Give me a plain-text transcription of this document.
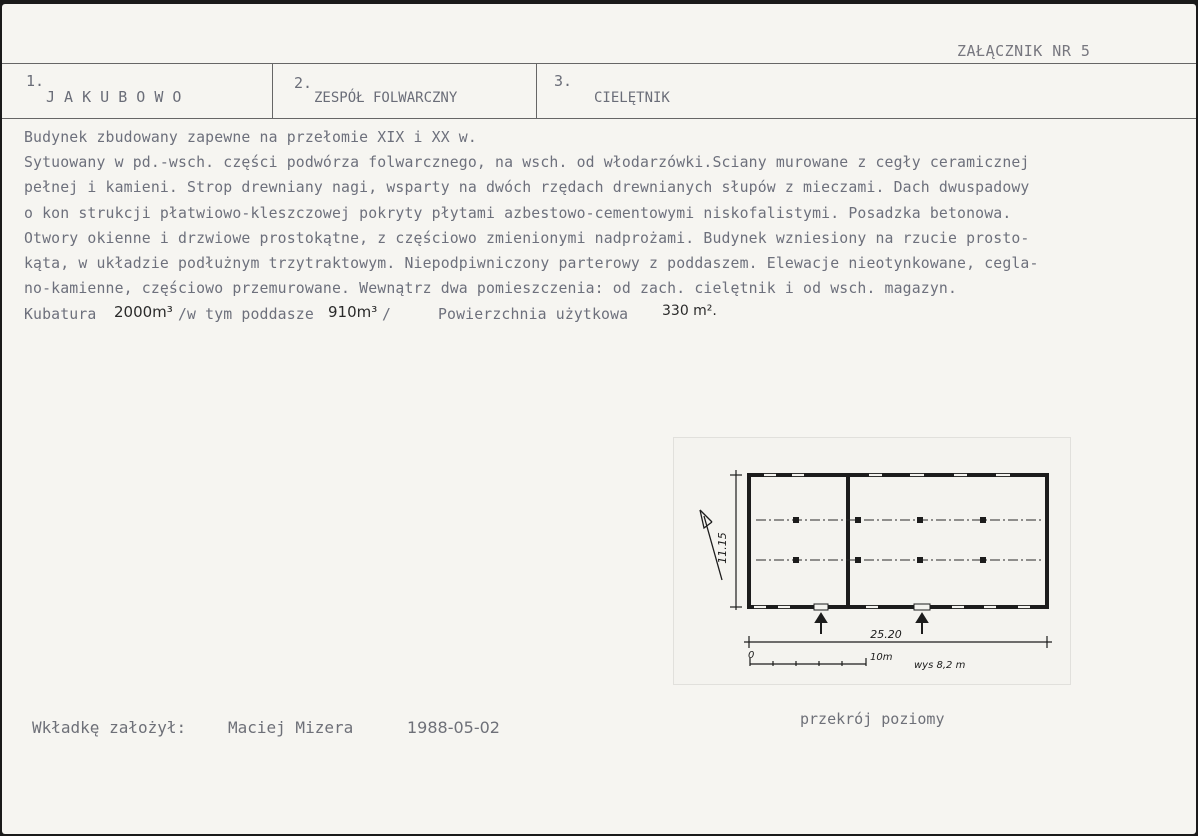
ZAŁĄCZNIK NR 5
1.
J A K U B O W O
2.
ZESPÓŁ FOLWARCZNY
3.
CIELĘTNIK
Budynek zbudowany zapewne na przełomie XIX i XX w.
Sytuowany w pd.-wsch. części podwórza folwarcznego, na wsch. od włodarzówki.Sciany murowane z cegły ceramicznej
pełnej i kamieni. Strop drewniany nagi, wsparty na dwóch rzędach drewnianych słupów z mieczami. Dach dwuspadowy
o kon strukcji płatwiowo-kleszczowej pokryty płytami azbestowo-cementowymi niskofalistymi. Posadzka betonowa.
Otwory okienne i drzwiowe prostokątne, z częściowo zmienionymi nadprożami. Budynek wzniesiony na rzucie prosto-
kąta, w układzie podłużnym trzytraktowym. Niepodpiwniczony parterowy z poddaszem. Elewacje nieotynkowane, cegla-
no-kamienne, częściowo przemurowane. Wewnątrz dwa pomieszczenia: od zach. cielętnik i od wsch. magazyn.
Kubatura 2000m³ /w tym poddasze 910m³ /	Powierzchnia użytkowa 330 m².
11.15
25.20
0	10m
wys 8,2 m
przekrój poziomy
Wkładkę założył:	Maciej Mizera	1988-05-02
